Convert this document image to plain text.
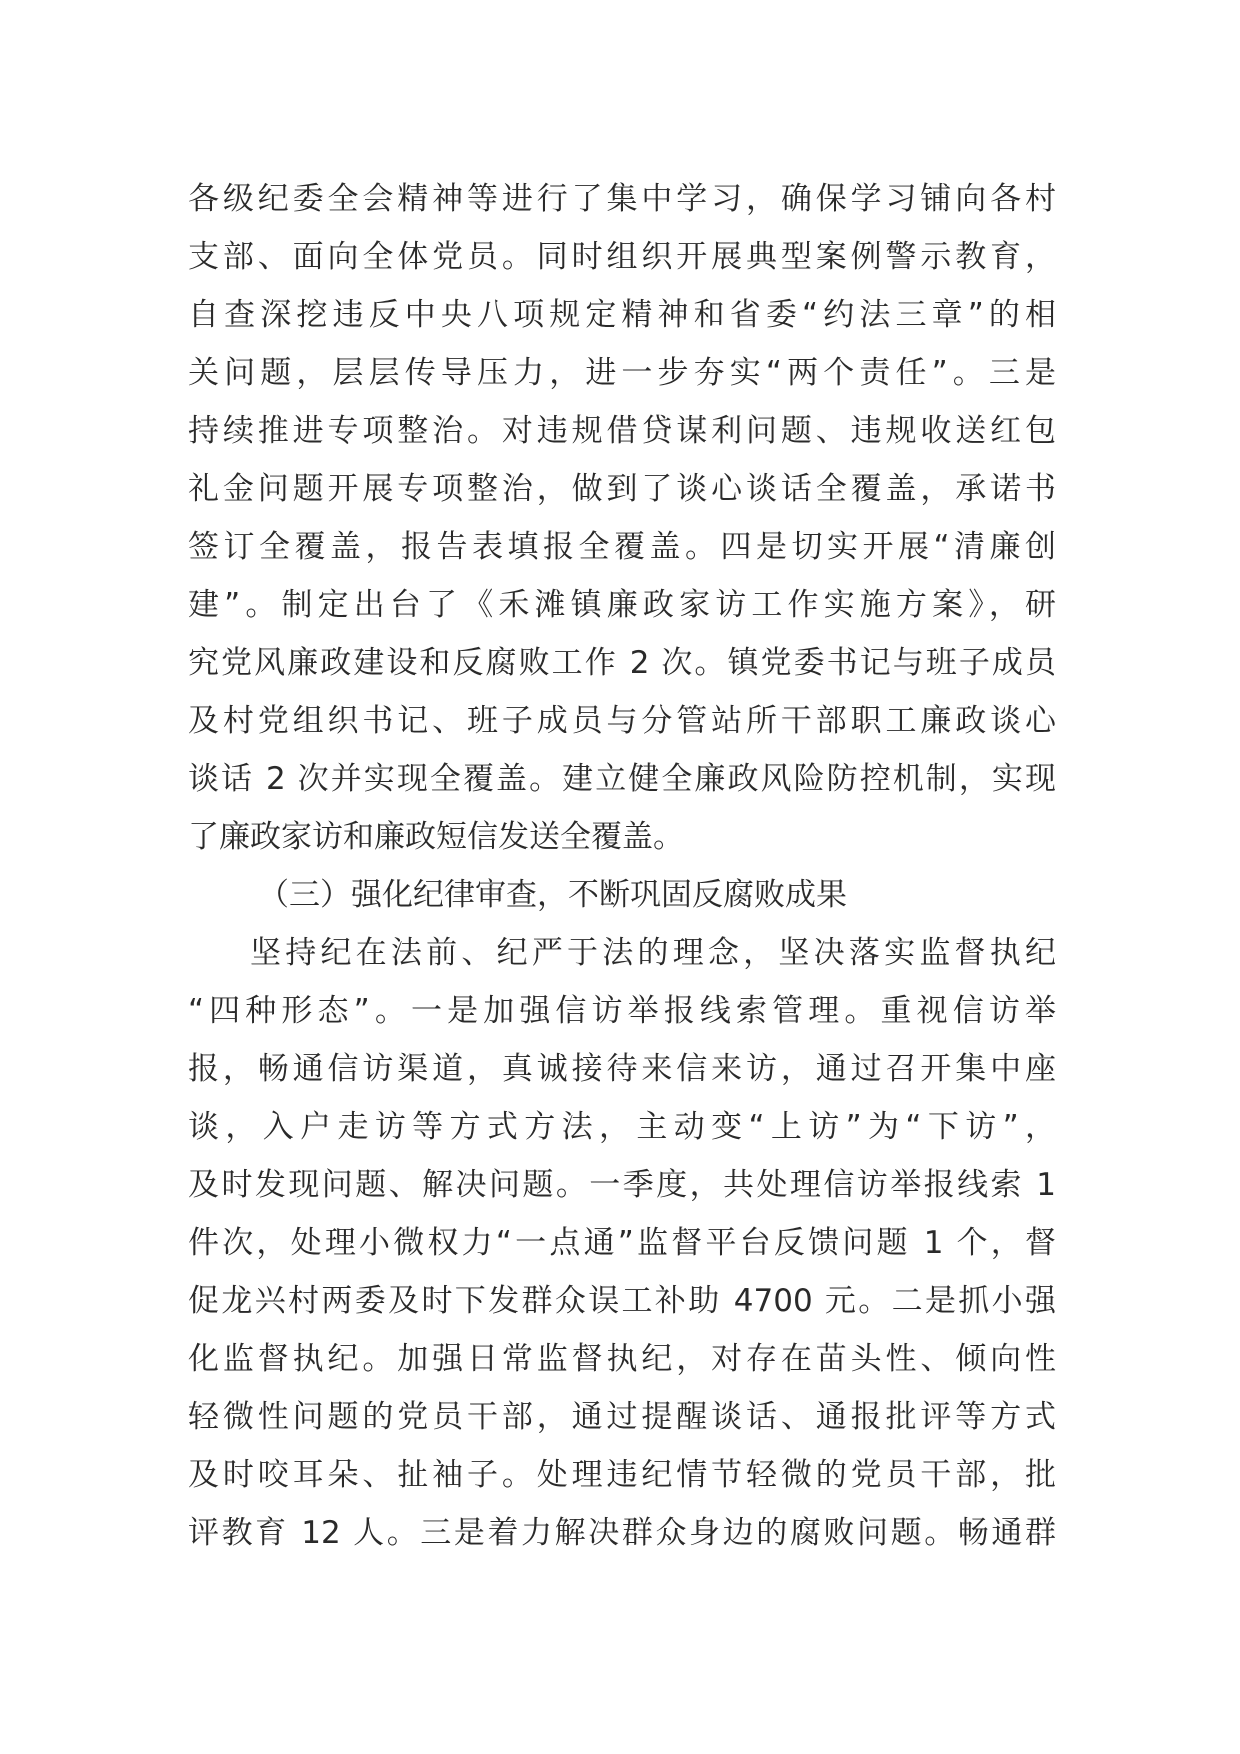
各级纪委全会精神等进行了集中学习，确保学习铺向各村
支部、面向全体党员。同时组织开展典型案例警示教育，
自查深挖违反中央八项规定精神和省委“约法三章”的相
关问题，层层传导压力，进一步夯实“两个责任”。三是
持续推进专项整治。对违规借贷谋利问题、违规收送红包
礼金问题开展专项整治，做到了谈心谈话全覆盖，承诺书
签订全覆盖，报告表填报全覆盖。四是切实开展“清廉创
建”。制定出台了《禾滩镇廉政家访工作实施方案》，研
究党风廉政建设和反腐败工作 2 次。镇党委书记与班子成员
及村党组织书记、班子成员与分管站所干部职工廉政谈心
谈话 2 次并实现全覆盖。建立健全廉政风险防控机制，实现
了廉政家访和廉政短信发送全覆盖。
（三）强化纪律审查，不断巩固反腐败成果
坚持纪在法前、纪严于法的理念，坚决落实监督执纪
“四种形态”。一是加强信访举报线索管理。重视信访举
报，畅通信访渠道，真诚接待来信来访，通过召开集中座
谈，入户走访等方式方法，主动变“上访”为“下访”，
及时发现问题、解决问题。一季度，共处理信访举报线索 1
件次，处理小微权力“一点通”监督平台反馈问题 1 个，督
促龙兴村两委及时下发群众误工补助 4700 元。二是抓小强
化监督执纪。加强日常监督执纪，对存在苗头性、倾向性
轻微性问题的党员干部，通过提醒谈话、通报批评等方式
及时咬耳朵、扯袖子。处理违纪情节轻微的党员干部，批
评教育 12 人。三是着力解决群众身边的腐败问题。畅通群
